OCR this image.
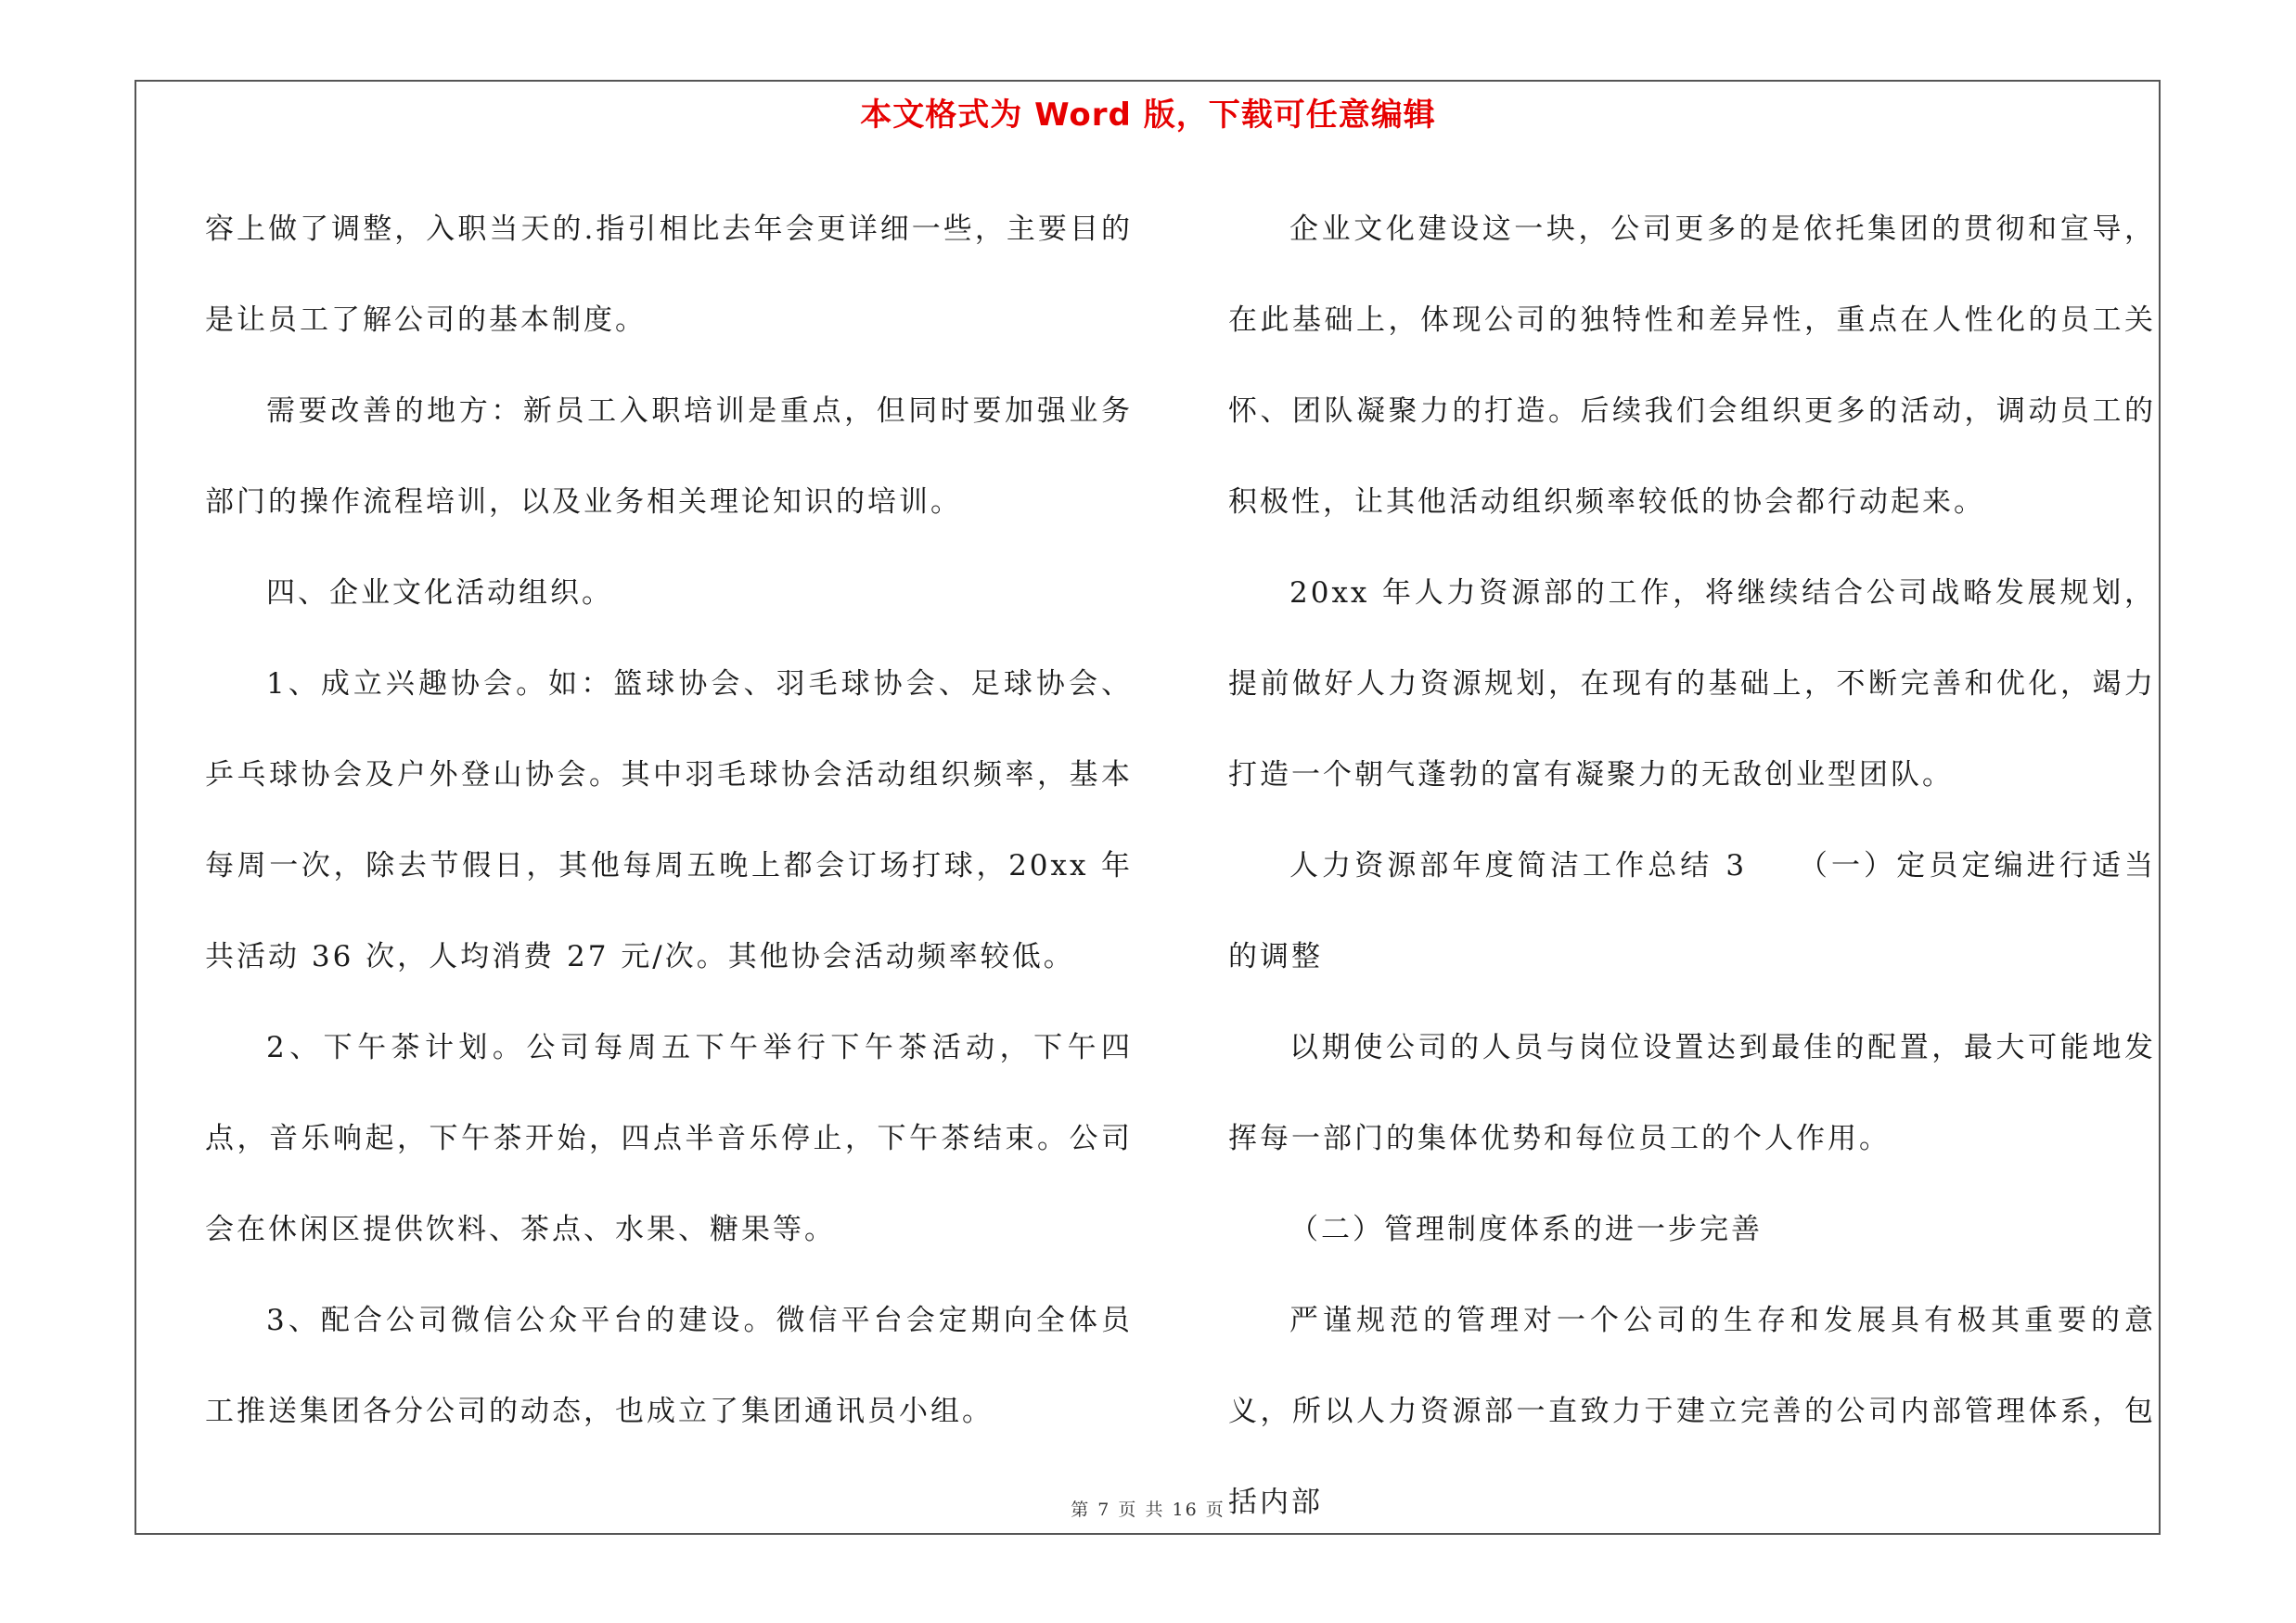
本文格式为 Word 版，下载可任意编辑

容上做了调整，入职当天的.指引相比去年会更详细一些，主要目的是让员工了解公司的基本制度。

需要改善的地方：新员工入职培训是重点，但同时要加强业务部门的操作流程培训，以及业务相关理论知识的培训。

四、企业文化活动组织。

1、成立兴趣协会。如：篮球协会、羽毛球协会、足球协会、乒乓球协会及户外登山协会。其中羽毛球协会活动组织频率，基本每周一次，除去节假日，其他每周五晚上都会订场打球，20xx 年共活动 36 次，人均消费 27 元/次。其他协会活动频率较低。

2、下午茶计划。公司每周五下午举行下午茶活动，下午四点，音乐响起，下午茶开始，四点半音乐停止，下午茶结束。公司会在休闲区提供饮料、茶点、水果、糖果等。

3、配合公司微信公众平台的建设。微信平台会定期向全体员工推送集团各分公司的动态，也成立了集团通讯员小组。

企业文化建设这一块，公司更多的是依托集团的贯彻和宣导，在此基础上，体现公司的独特性和差异性，重点在人性化的员工关怀、团队凝聚力的打造。后续我们会组织更多的活动，调动员工的积极性，让其他活动组织频率较低的协会都行动起来。

20xx 年人力资源部的工作，将继续结合公司战略发展规划，提前做好人力资源规划，在现有的基础上，不断完善和优化，竭力打造一个朝气蓬勃的富有凝聚力的无敌创业型团队。

人力资源部年度简洁工作总结 3　　（一）定员定编进行适当的调整

以期使公司的人员与岗位设置达到最佳的配置，最大可能地发挥每一部门的集体优势和每位员工的个人作用。

（二）管理制度体系的进一步完善

严谨规范的管理对一个公司的生存和发展具有极其重要的意义，所以人力资源部一直致力于建立完善的公司内部管理体系，包括内部

第 7 页 共 16 页
